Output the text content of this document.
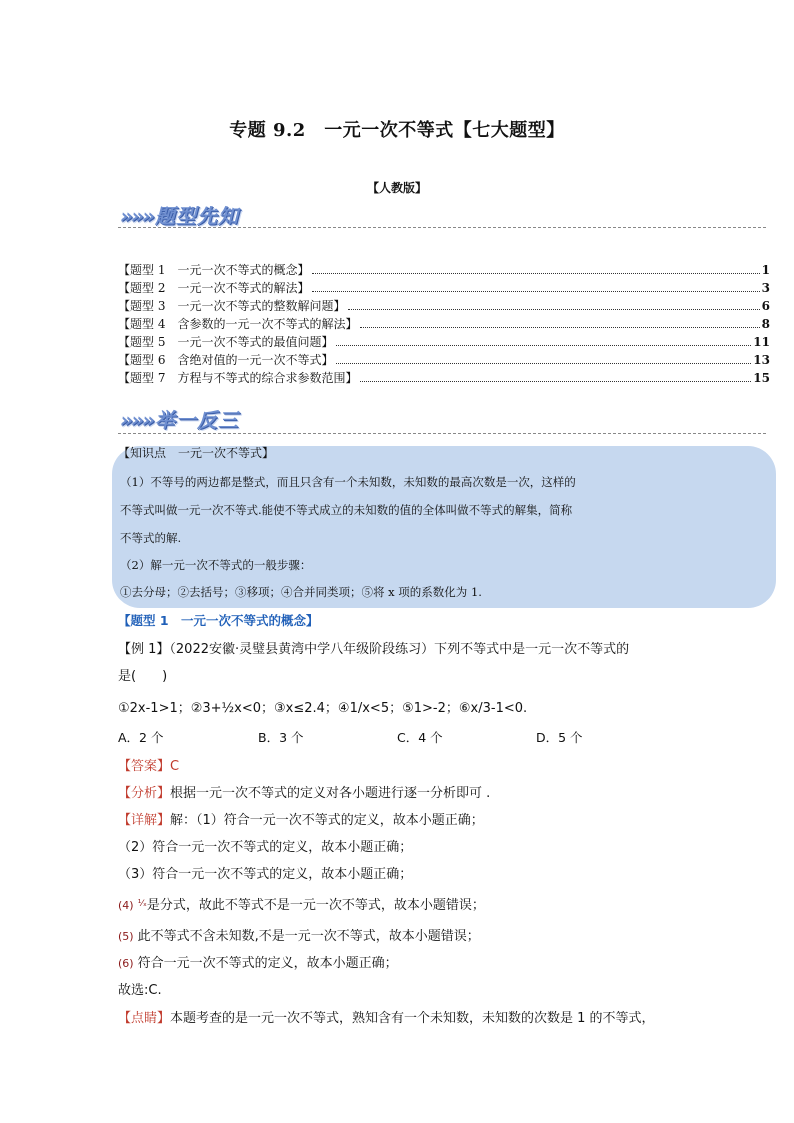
专题 9.2　一元一次不等式【七大题型】
【人教版】
»»» 题型先知
【题型 1　一元一次不等式的概念】	1
【题型 2　一元一次不等式的解法】	3
【题型 3　一元一次不等式的整数解问题】	6
【题型 4　含参数的一元一次不等式的解法】	8
【题型 5　一元一次不等式的最值问题】	11
【题型 6　含绝对值的一元一次不等式】	13
【题型 7　方程与不等式的综合求参数范围】	15
»»» 举一反三
【知识点　一元一次不等式】
（1）不等号的两边都是整式，而且只含有一个未知数，未知数的最高次数是一次，这样的
不等式叫做一元一次不等式.能使不等式成立的未知数的值的全体叫做不等式的解集，简称
不等式的解.
（2）解一元一次不等式的一般步骤：
①去分母；②去括号；③移项；④合并同类项；⑤将 x 项的系数化为 1.
【题型 1　一元一次不等式的概念】
【例 1】（2022安徽·灵璧县黄湾中学八年级阶段练习）下列不等式中是一元一次不等式的
是(　　)
①2x-1>1；②3+½x<0；③x≤2.4；④1/x<5；⑤1>-2；⑥x/3-1<0.
A．2 个	B．3 个	C．4 个	D．5 个
【答案】C
【分析】根据一元一次不等式的定义对各小题进行逐一分析即可 .
【详解】解：（1）符合一元一次不等式的定义，故本小题正确；
（2）符合一元一次不等式的定义，故本小题正确；
（3）符合一元一次不等式的定义，故本小题正确；
(4) $^{^1⁄_x}$是分式，故此不等式不是一元一次不等式，故本小题错误；
(5) 此不等式不含未知数,不是一元一次不等式，故本小题错误；
(6) 符合一元一次不等式的定义，故本小题正确；
故选:C.
【点睛】本题考查的是一元一次不等式，熟知含有一个未知数，未知数的次数是 1 的不等式，
